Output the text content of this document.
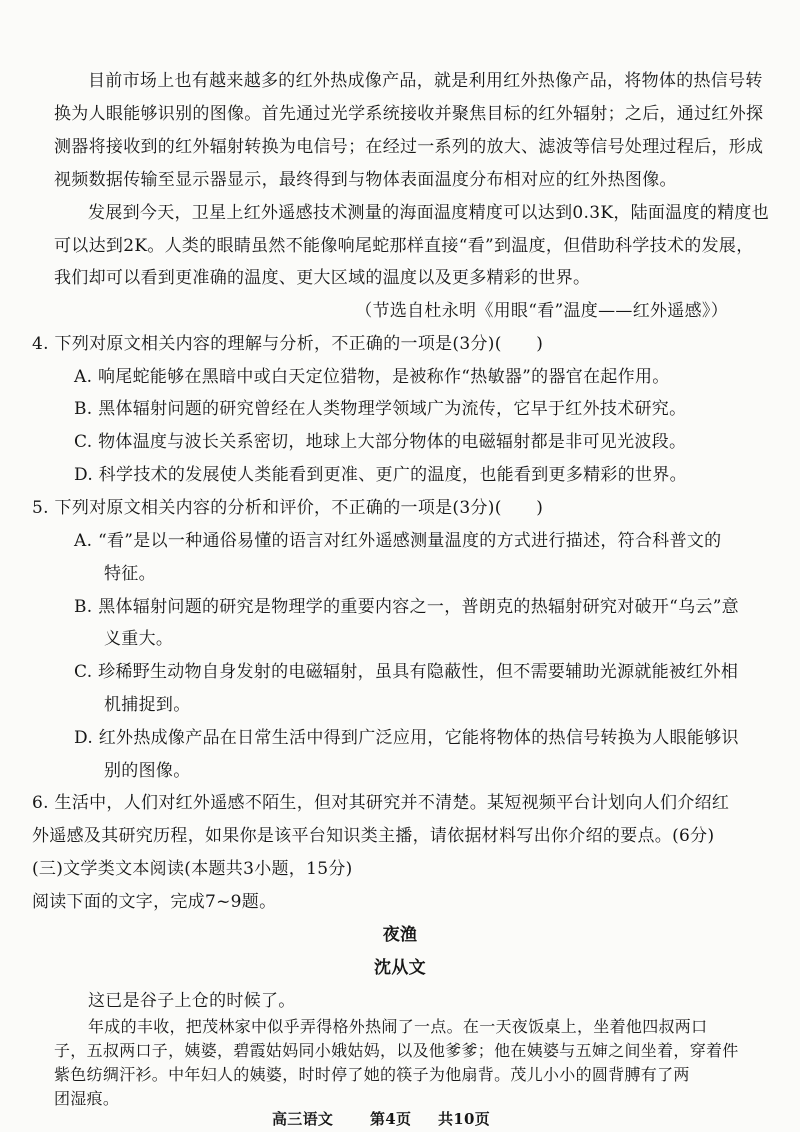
目前市场上也有越来越多的红外热成像产品，就是利用红外热像产品，将物体的热信号转
换为人眼能够识别的图像。首先通过光学系统接收并聚焦目标的红外辐射；之后，通过红外探
测器将接收到的红外辐射转换为电信号；在经过一系列的放大、滤波等信号处理过程后，形成
视频数据传输至显示器显示，最终得到与物体表面温度分布相对应的红外热图像。
发展到今天，卫星上红外遥感技术测量的海面温度精度可以达到0.3K，陆面温度的精度也
可以达到2K。人类的眼睛虽然不能像响尾蛇那样直接“看”到温度，但借助科学技术的发展，
我们却可以看到更准确的温度、更大区域的温度以及更多精彩的世界。
（节选自杜永明《用眼“看”温度——红外遥感》）
4. 下列对原文相关内容的理解与分析，不正确的一项是(3分)(　　)
A. 响尾蛇能够在黑暗中或白天定位猎物，是被称作“热敏器”的器官在起作用。
B. 黑体辐射问题的研究曾经在人类物理学领域广为流传，它早于红外技术研究。
C. 物体温度与波长关系密切，地球上大部分物体的电磁辐射都是非可见光波段。
D. 科学技术的发展使人类能看到更准、更广的温度，也能看到更多精彩的世界。
5. 下列对原文相关内容的分析和评价，不正确的一项是(3分)(　　)
A. “看”是以一种通俗易懂的语言对红外遥感测量温度的方式进行描述，符合科普文的
特征。
B. 黑体辐射问题的研究是物理学的重要内容之一，普朗克的热辐射研究对破开“乌云”意
义重大。
C. 珍稀野生动物自身发射的电磁辐射，虽具有隐蔽性，但不需要辅助光源就能被红外相
机捕捉到。
D. 红外热成像产品在日常生活中得到广泛应用，它能将物体的热信号转换为人眼能够识
别的图像。
6. 生活中，人们对红外遥感不陌生，但对其研究并不清楚。某短视频平台计划向人们介绍红
外遥感及其研究历程，如果你是该平台知识类主播，请依据材料写出你介绍的要点。(6分)
(三)文学类文本阅读(本题共3小题，15分)
阅读下面的文字，完成7~9题。
夜渔
沈从文
这已是谷子上仓的时候了。
年成的丰收，把茂林家中似乎弄得格外热闹了一点。在一天夜饭桌上，坐着他四叔两口
子，五叔两口子，姨婆，碧霞姑妈同小娥姑妈，以及他爹爹；他在姨婆与五婶之间坐着，穿着件
紫色纺绸汗衫。中年妇人的姨婆，时时停了她的筷子为他扇背。茂儿小小的圆背膊有了两
团湿痕。
高三语文 第4页 共10页
